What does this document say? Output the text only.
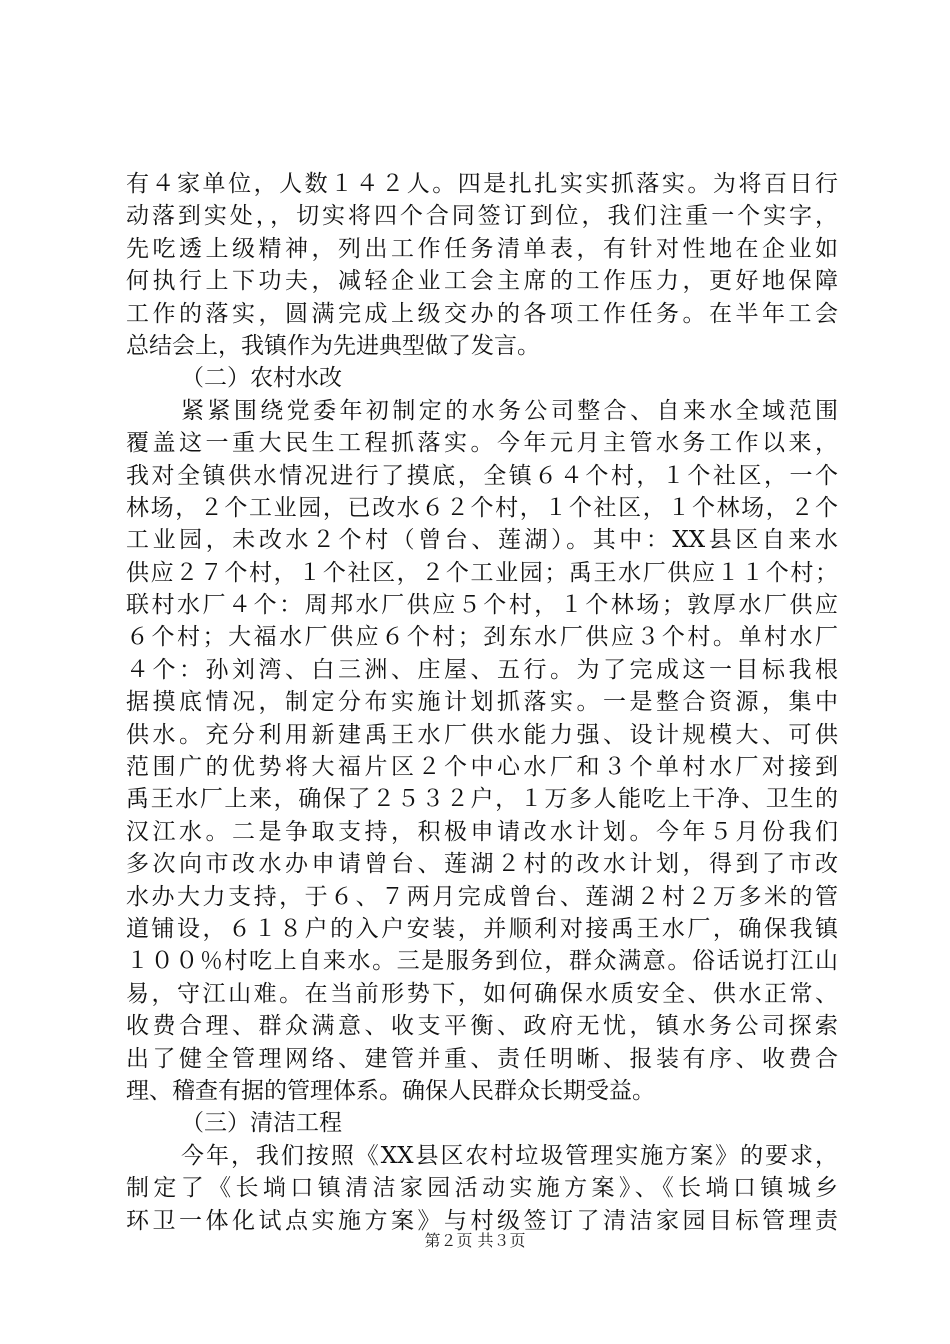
有４家单位，人数１４２人。四是扎扎实实抓落实。为将百日行
动落到实处，，切实将四个合同签订到位，我们注重一个实字，
先吃透上级精神，列出工作任务清单表，有针对性地在企业如
何执行上下功夫，减轻企业工会主席的工作压力，更好地保障
工作的落实，圆满完成上级交办的各项工作任务。在半年工会
总结会上，我镇作为先进典型做了发言。
（二）农村水改
紧紧围绕党委年初制定的水务公司整合、自来水全域范围
覆盖这一重大民生工程抓落实。今年元月主管水务工作以来，
我对全镇供水情况进行了摸底，全镇６４个村，１个社区，一个
林场，２个工业园，已改水６２个村，１个社区，１个林场，２个
工业园，未改水２个村（曾台、莲湖）。其中：XX县区自来水
供应２７个村，１个社区，２个工业园；禹王水厂供应１１个村；
联村水厂４个：周邦水厂供应５个村，１个林场；敦厚水厂供应
６个村；大福水厂供应６个村；刭东水厂供应３个村。单村水厂
４个：孙刘湾、白三洲、庄屋、五行。为了完成这一目标我根
据摸底情况，制定分布实施计划抓落实。一是整合资源，集中
供水。充分利用新建禹王水厂供水能力强、设计规模大、可供
范围广的优势将大福片区２个中心水厂和３个单村水厂对接到
禹王水厂上来，确保了２５３２户，１万多人能吃上干净、卫生的
汉江水。二是争取支持，积极申请改水计划。今年５月份我们
多次向市改水办申请曾台、莲湖２村的改水计划，得到了市改
水办大力支持，于６、７两月完成曾台、莲湖２村２万多米的管
道铺设，６１８户的入户安装，并顺利对接禹王水厂，确保我镇
１００％村吃上自来水。三是服务到位，群众满意。俗话说打江山
易，守江山难。在当前形势下，如何确保水质安全、供水正常、
收费合理、群众满意、收支平衡、政府无忧，镇水务公司探索
出了健全管理网络、建管并重、责任明晰、报装有序、收费合
理、稽查有据的管理体系。确保人民群众长期受益。
（三）清洁工程
今年，我们按照《XX县区农村垃圾管理实施方案》的要求，
制定了《长埫口镇清洁家园活动实施方案》、《长埫口镇城乡
环卫一体化试点实施方案》与村级签订了清洁家园目标管理责
第２页 共３页
